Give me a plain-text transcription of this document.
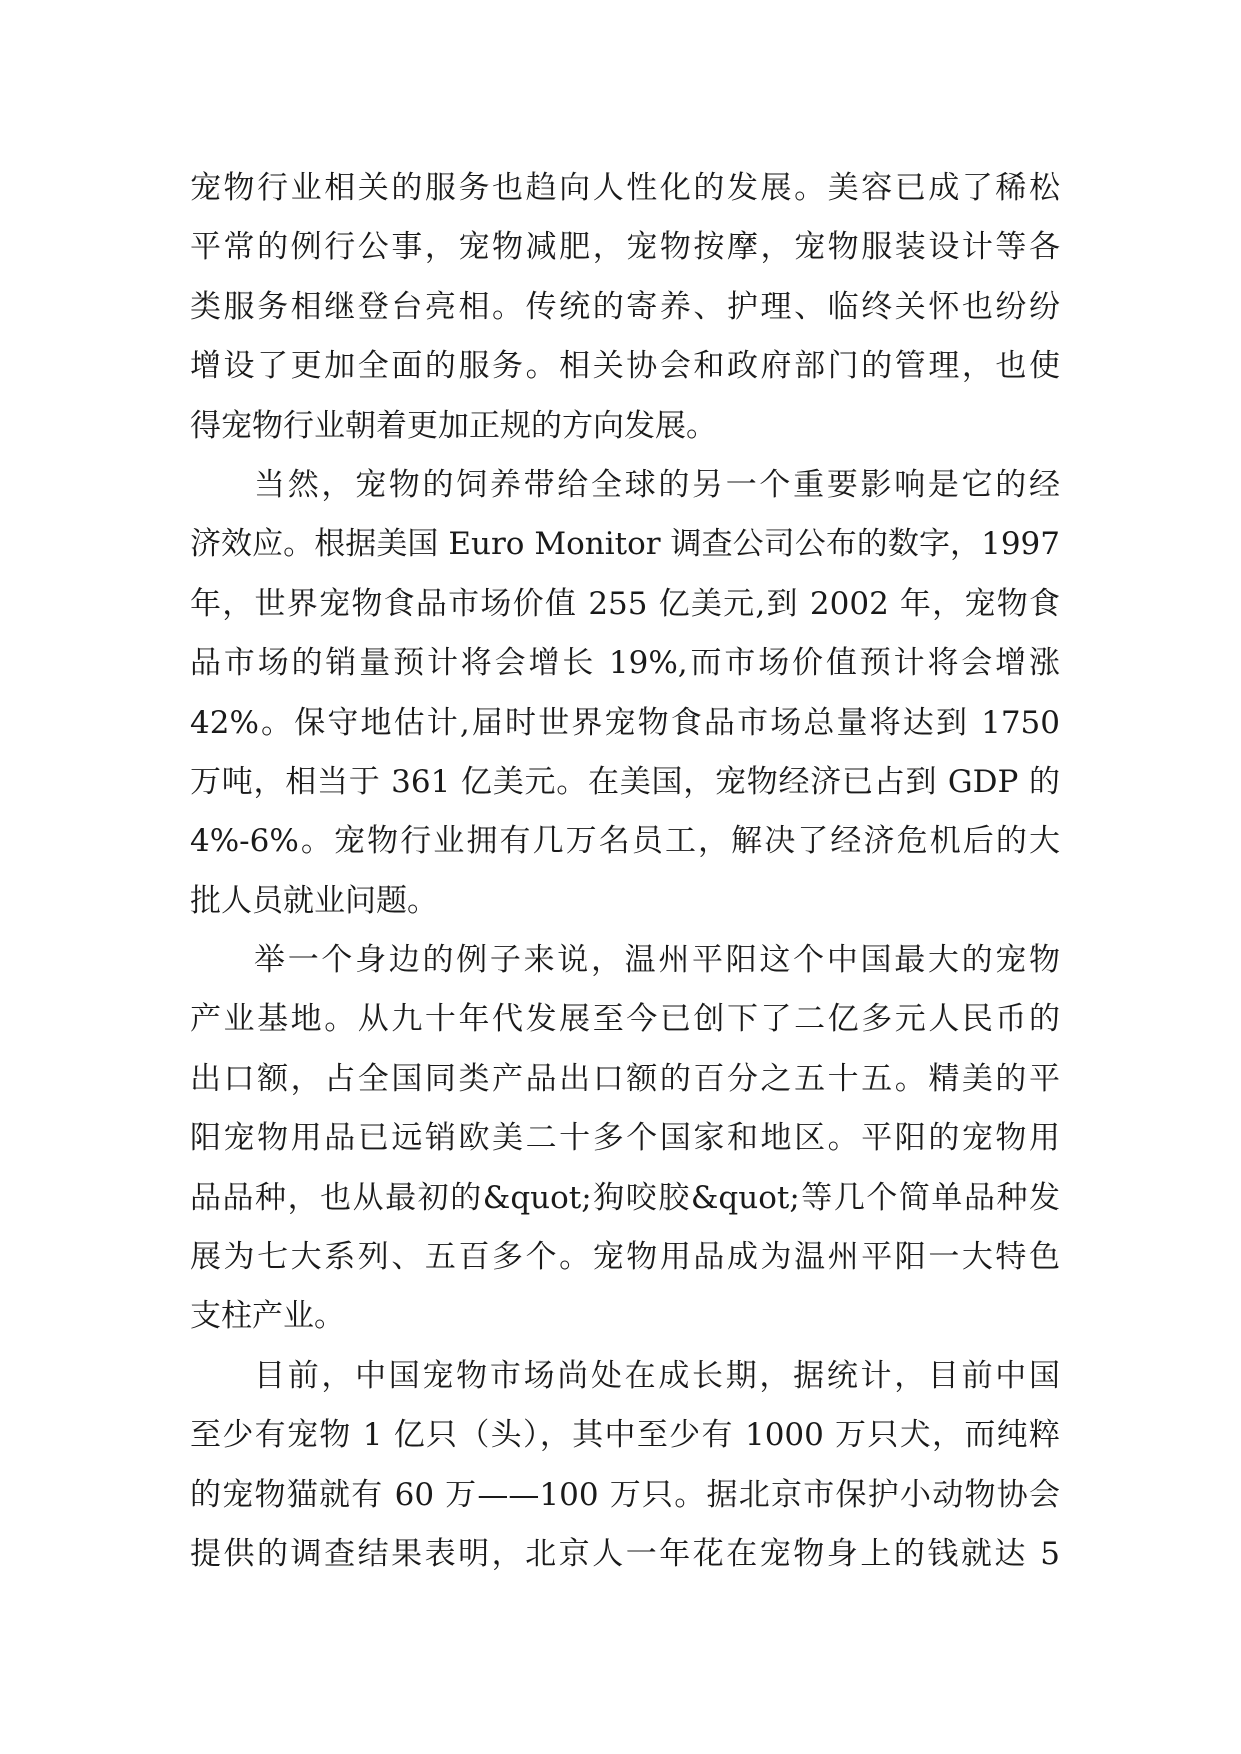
宠物行业相关的服务也趋向人性化的发展。美容已成了稀松
平常的例行公事，宠物减肥，宠物按摩，宠物服装设计等各
类服务相继登台亮相。传统的寄养、护理、临终关怀也纷纷
增设了更加全面的服务。相关协会和政府部门的管理，也使
得宠物行业朝着更加正规的方向发展。
当然，宠物的饲养带给全球的另一个重要影响是它的经
济效应。根据美国 Euro Monitor 调查公司公布的数字，1997
年，世界宠物食品市场价值 255 亿美元,到 2002 年，宠物食
品市场的销量预计将会增长 19%,而市场价值预计将会增涨
42%。保守地估计,届时世界宠物食品市场总量将达到 1750
万吨，相当于 361 亿美元。在美国，宠物经济已占到 GDP 的
4%-6%。宠物行业拥有几万名员工，解决了经济危机后的大
批人员就业问题。
举一个身边的例子来说，温州平阳这个中国最大的宠物
产业基地。从九十年代发展至今已创下了二亿多元人民币的
出口额，占全国同类产品出口额的百分之五十五。精美的平
阳宠物用品已远销欧美二十多个国家和地区。平阳的宠物用
品品种，也从最初的&quot;狗咬胶&quot;等几个简单品种发
展为七大系列、五百多个。宠物用品成为温州平阳一大特色
支柱产业。
目前，中国宠物市场尚处在成长期，据统计，目前中国
至少有宠物 1 亿只（头），其中至少有 1000 万只犬，而纯粹
的宠物猫就有 60 万——100 万只。据北京市保护小动物协会
提供的调查结果表明，北京人一年花在宠物身上的钱就达 5
